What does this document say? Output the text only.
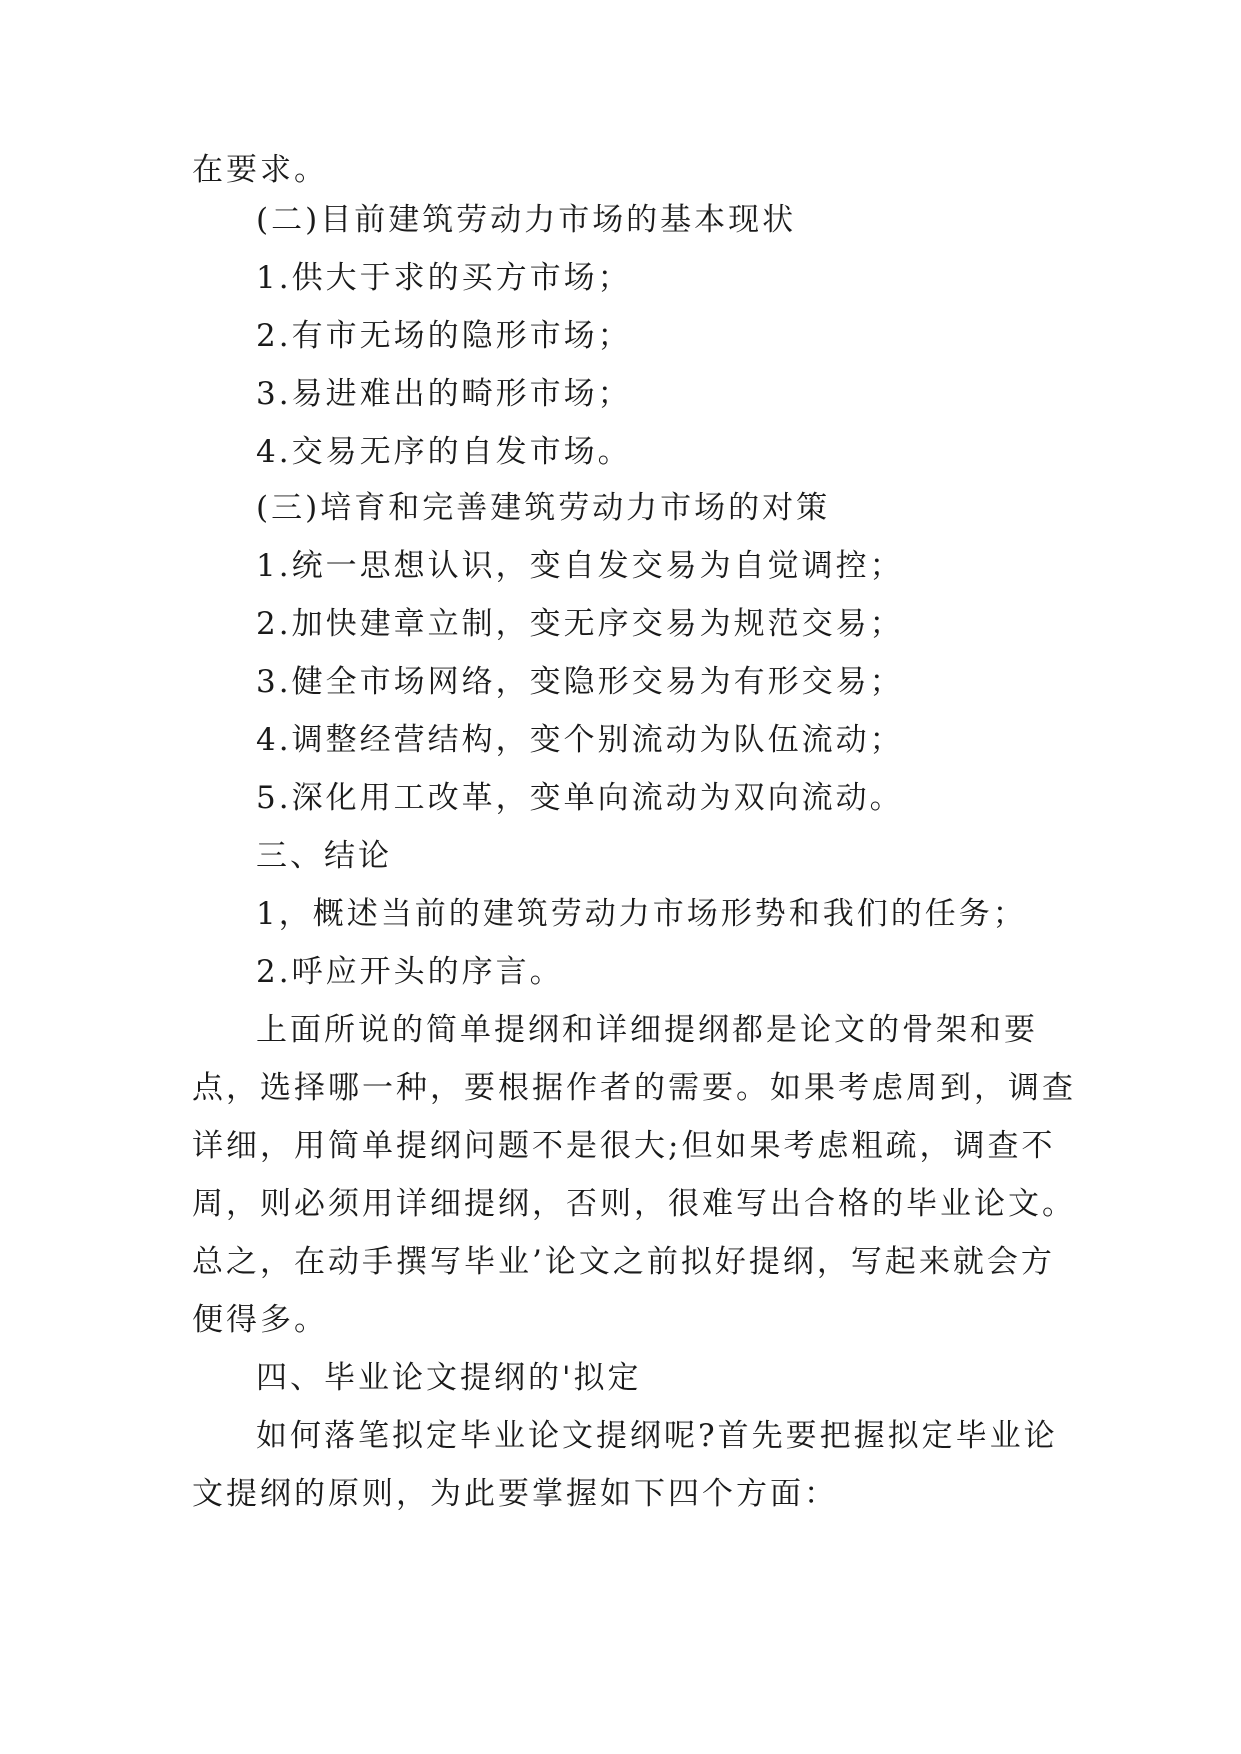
在要求。
(二)目前建筑劳动力市场的基本现状
1.供大于求的买方市场；
2.有市无场的隐形市场；
3.易进难出的畸形市场；
4.交易无序的自发市场。
(三)培育和完善建筑劳动力市场的对策
1.统一思想认识，变自发交易为自觉调控；
2.加快建章立制，变无序交易为规范交易；
3.健全市场网络，变隐形交易为有形交易；
4.调整经营结构，变个别流动为队伍流动；
5.深化用工改革，变单向流动为双向流动。
三、结论
1，概述当前的建筑劳动力市场形势和我们的任务；
2.呼应开头的序言。
上面所说的简单提纲和详细提纲都是论文的骨架和要
点，选择哪一种，要根据作者的需要。如果考虑周到，调查
详细，用简单提纲问题不是很大;但如果考虑粗疏，调查不
周，则必须用详细提纲，否则，很难写出合格的毕业论文。
总之，在动手撰写毕业’论文之前拟好提纲，写起来就会方
便得多。
四、毕业论文提纲的'拟定
如何落笔拟定毕业论文提纲呢?首先要把握拟定毕业论
文提纲的原则，为此要掌握如下四个方面：
